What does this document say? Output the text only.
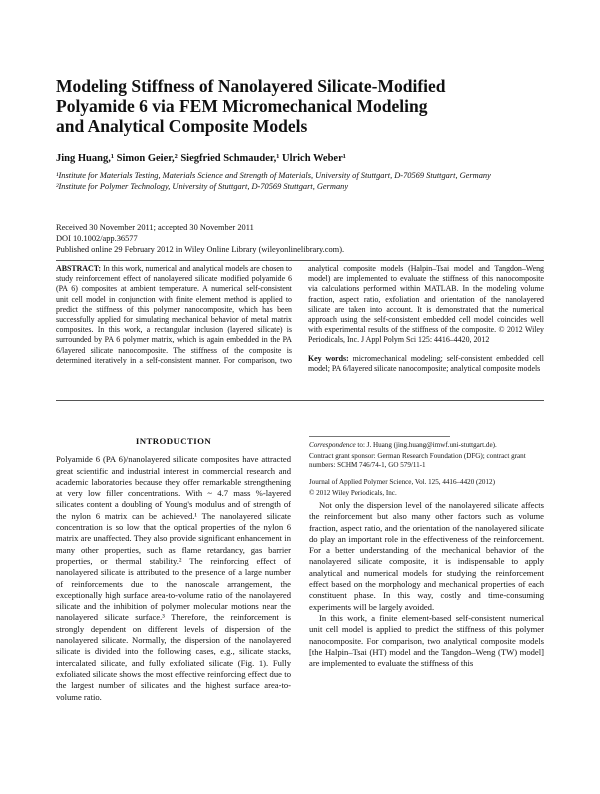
Modeling Stiffness of Nanolayered Silicate-Modified
Polyamide 6 via FEM Micromechanical Modeling
and Analytical Composite Models
Jing Huang,¹ Simon Geier,² Siegfried Schmauder,¹ Ulrich Weber¹

¹Institute for Materials Testing, Materials Science and Strength of Materials, University of Stuttgart, D-70569 Stuttgart, Germany

²Institute for Polymer Technology, University of Stuttgart, D-70569 Stuttgart, Germany

Received 30 November 2011; accepted 30 November 2011

DOI 10.1002/app.36577

Published online 29 February 2012 in Wiley Online Library (wileyonlinelibrary.com).

ABSTRACT: In this work, numerical and analytical models are chosen to study reinforcement effect of nanolayered silicate modified polyamide 6 (PA 6) composites at ambient temperature. A numerical self-consistent unit cell model in conjunction with finite element method is applied to predict the stiffness of this polymer nanocomposite, which has been successfully applied for simulating mechanical behavior of metal matrix composites. In this work, a rectangular inclusion (layered silicate) is surrounded by PA 6 polymer matrix, which is again embedded in the PA 6/layered silicate nanocomposite. The stiffness of the composite is determined iteratively in a self-consistent manner. For comparison, two analytical composite models (Halpin–Tsai model and Tangdon–Weng model) are implemented to evaluate the stiffness of this nanocomposite via calculations performed within MATLAB. In the modeling volume fraction, aspect ratio, exfoliation and orientation of the nanolayered silicate are taken into account. It is demonstrated that the numerical approach using the self-consistent embedded cell model coincides well with experimental results of the stiffness of the composite. © 2012 Wiley Periodicals, Inc. J Appl Polym Sci 125: 4416–4420, 2012
Key words: micromechanical modeling; self-consistent embedded cell model; PA 6/layered silicate nanocomposite; analytical composite models
INTRODUCTION

Polyamide 6 (PA 6)/nanolayered silicate composites have attracted great scientific and industrial interest in commercial research and academic laboratories because they offer remarkable strengthening at very low filler concentrations. With ~ 4.7 mass %-layered silicates content a doubling of Young's modulus and of strength of the nylon 6 matrix can be achieved.¹ The nanolayered silicate concentration is so low that the optical properties of the nylon 6 matrix are unaffected. They also provide significant enhancement in many other properties, such as flame retardancy, gas barrier properties, or thermal stability.² The reinforcing effect of nanolayered silicate is attributed to the presence of a large number of reinforcements due to the nanoscale arrangement, the exceptionally high surface area-to-volume ratio of the nanolayered silicate and the inhibition of polymer molecular motions near the nanolayered silicate surface.³ Therefore, the reinforcement is strongly dependent on different levels of dispersion of the nanolayered silicate. Normally, the dispersion of the nanolayered silicate is divided into the following cases, e.g., silicate stacks, intercalated silicate, and fully exfoliated silicate (Fig. 1). Fully exfoliated silicate shows the most effective reinforcing effect due to the largest number of silicates and the highest surface area-to-volume ratio.

Correspondence to: J. Huang (jing.huang@imwf.uni-stuttgart.de).

Contract grant sponsor: German Research Foundation (DFG); contract grant numbers: SCHM 746/74-1, GO 579/11-1

Journal of Applied Polymer Science, Vol. 125, 4416–4420 (2012)

© 2012 Wiley Periodicals, Inc.

Not only the dispersion level of the nanolayered silicate affects the reinforcement but also many other factors such as volume fraction, aspect ratio, and the orientation of the nanolayered silicate do play an important role in the effectiveness of the reinforcement. For a better understanding of the mechanical behavior of the nanolayered silicate composite, it is indispensable to apply analytical and numerical models for studying the reinforcement effect based on the morphology and mechanical properties of each constituent phase. In this way, costly and time-consuming experiments will be largely avoided.

In this work, a finite element-based self-consistent numerical unit cell model is applied to predict the stiffness of this polymer nanocomposite. For comparison, two analytical composite models [the Halpin–Tsai (HT) model and the Tangdon–Weng (TW) model] are implemented to evaluate the stiffness of this
